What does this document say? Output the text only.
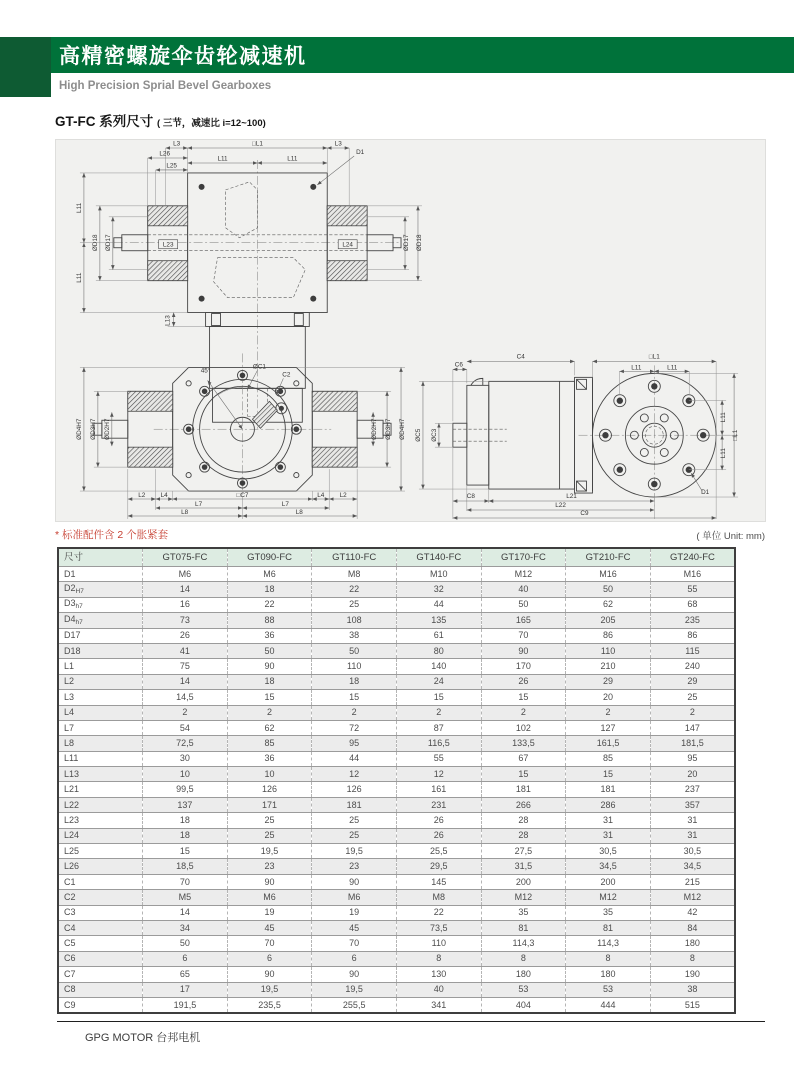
高精密螺旋伞齿轮减速机
High Precision Sprial Bevel Gearboxes
GT-FC 系列尺寸 ( 三节，减速比 i=12~100)
L3	□L1	L3
D1
L11	L11
L26
L25
L11
L11
ØD18 ØD17	L23	L24	ØD17 ØD18
L13
45°
ØC1
C2
ØD4H7 ØD3H7 ØD2H7	ØD2H7 ØD3H7 ØD4H7
L2 L4	□C7	L4 L2
L7	L7
L8	L8
C6
C4	□L1
L11	L11
ØC5 ØC3
L11
□L1
L11
C8	L21
L22
C9
D1
* 标准配件含 2 个胀紧套	( 单位 Unit: mm)
尺寸	GT075-FC	GT090-FC	GT110-FC	GT140-FC	GT170-FC	GT210-FC	GT240-FC
D1	M6	M6	M8	M10	M12	M16	M16
$D2_{H7}$	14	18	22	32	40	50	55
$D3_{h7}$	16	22	25	44	50	62	68
$D4_{h7}$	73	88	108	135	165	205	235
D17	26	36	38	61	70	86	86
D18	41	50	50	80	90	110	115
L1	75	90	110	140	170	210	240
L2	14	18	18	24	26	29	29
L3	14,5	15	15	15	15	20	25
L4	2	2	2	2	2	2	2
L7	54	62	72	87	102	127	147
L8	72,5	85	95	116,5	133,5	161,5	181,5
L11	30	36	44	55	67	85	95
L13	10	10	12	12	15	15	20
L21	99,5	126	126	161	181	181	237
L22	137	171	181	231	266	286	357
L23	18	25	25	26	28	31	31
L24	18	25	25	26	28	31	31
L25	15	19,5	19,5	25,5	27,5	30,5	30,5
L26	18,5	23	23	29,5	31,5	34,5	34,5
C1	70	90	90	145	200	200	215
C2	M5	M6	M6	M8	M12	M12	M12
C3	14	19	19	22	35	35	42
C4	34	45	45	73,5	81	81	84
C5	50	70	70	110	114,3	114,3	180
C6	6	6	6	8	8	8	8
C7	65	90	90	130	180	180	190
C8	17	19,5	19,5	40	53	53	38
C9	191,5	235,5	255,5	341	404	444	515
GPG MOTOR 台邦电机
